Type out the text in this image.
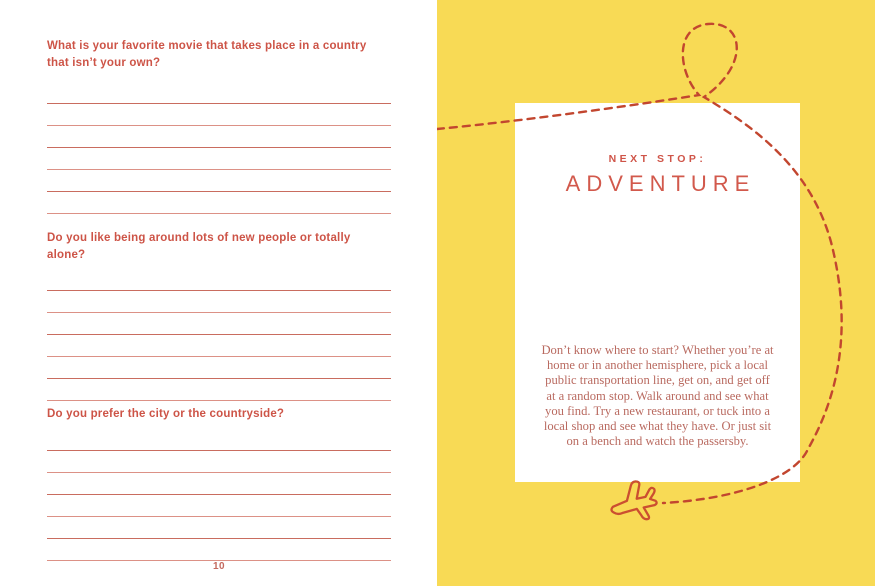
What is your favorite movie that takes place in a country that isn’t your own?
Do you like being around lots of new people or totally alone?
Do you prefer the city or the countryside?
10
NEXT STOP:
ADVENTURE

Don’t know where to start? Whether you’re at home or in another hemisphere, pick a local public transportation line, get on, and get off at a random stop. Walk around and see what you find. Try a new restaurant, or tuck into a local shop and see what they have. Or just sit on a bench and watch the passersby.
